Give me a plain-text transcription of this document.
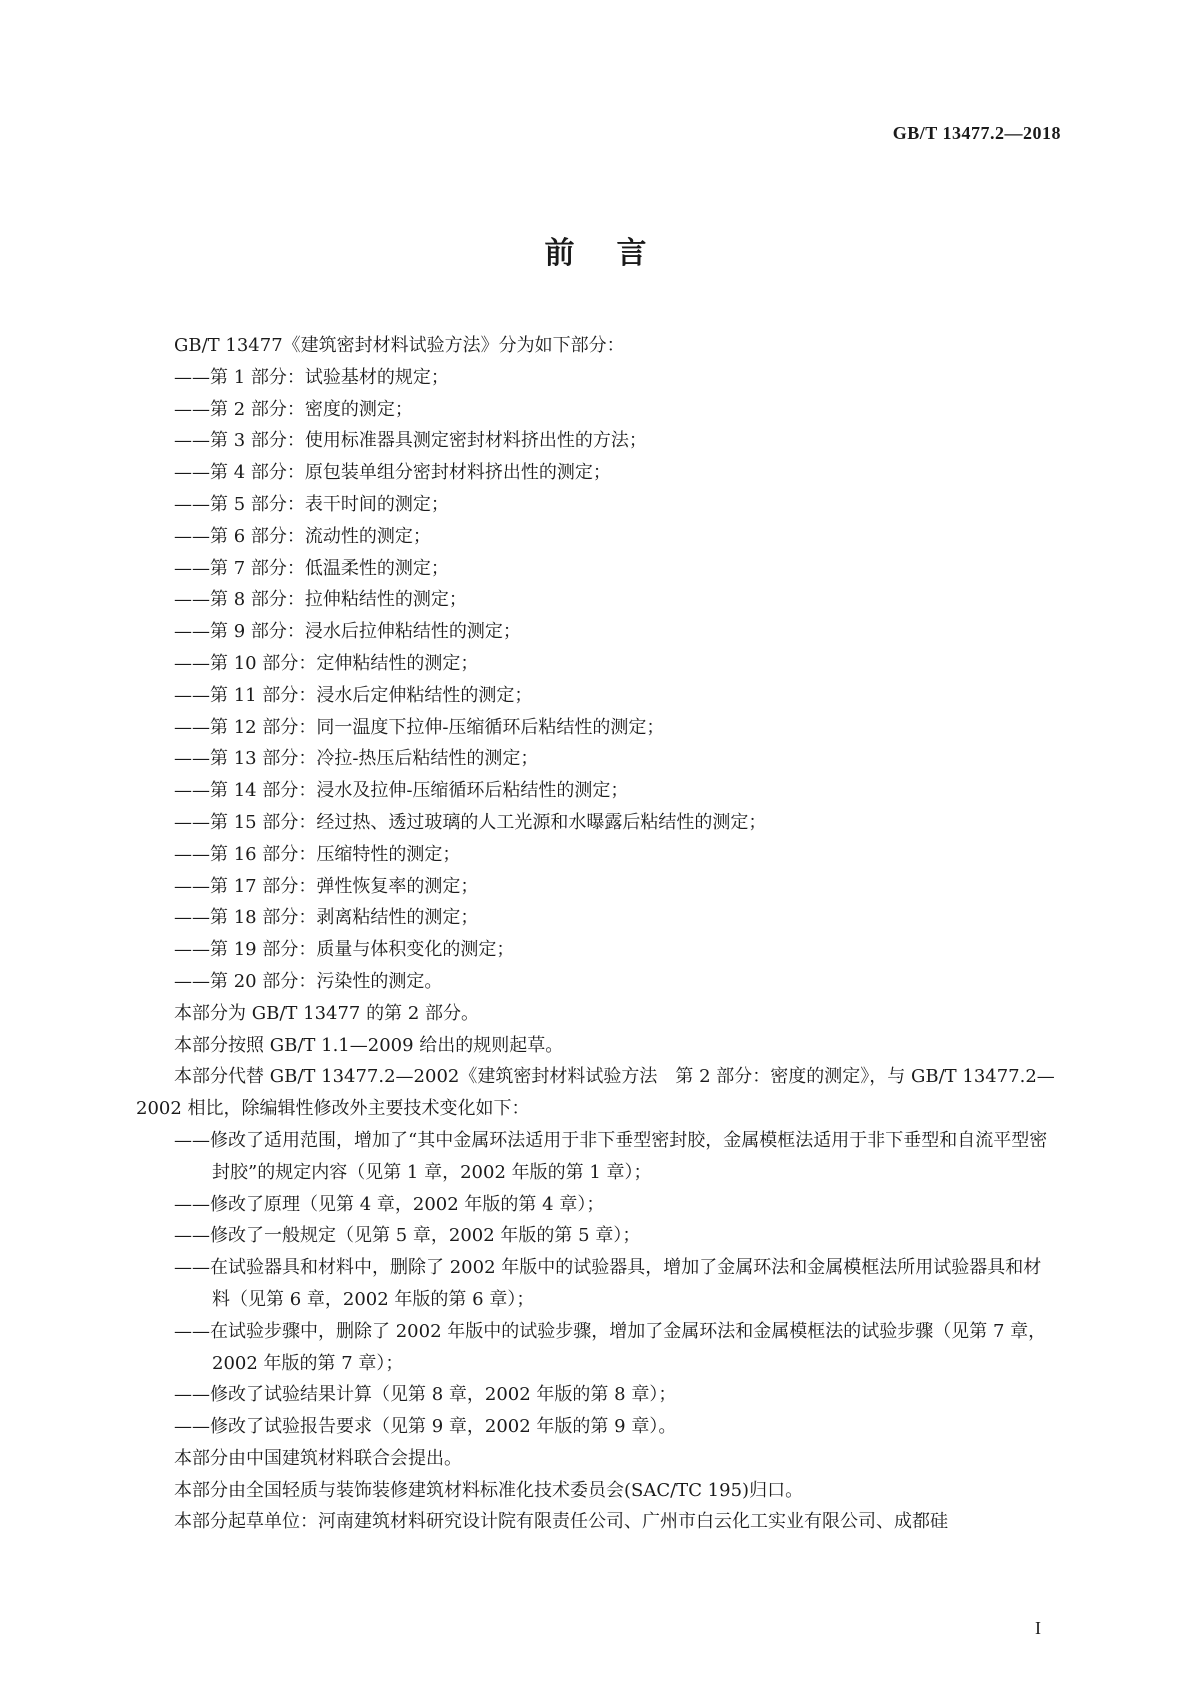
GB/T 13477.2—2018
前 言

GB/T 13477《建筑密封材料试验方法》分为如下部分：

——第 1 部分：试验基材的规定；

——第 2 部分：密度的测定；

——第 3 部分：使用标准器具测定密封材料挤出性的方法；

——第 4 部分：原包装单组分密封材料挤出性的测定；

——第 5 部分：表干时间的测定；

——第 6 部分：流动性的测定；

——第 7 部分：低温柔性的测定；

——第 8 部分：拉伸粘结性的测定；

——第 9 部分：浸水后拉伸粘结性的测定；

——第 10 部分：定伸粘结性的测定；

——第 11 部分：浸水后定伸粘结性的测定；

——第 12 部分：同一温度下拉伸-压缩循环后粘结性的测定；

——第 13 部分：冷拉-热压后粘结性的测定；

——第 14 部分：浸水及拉伸-压缩循环后粘结性的测定；

——第 15 部分：经过热、透过玻璃的人工光源和水曝露后粘结性的测定；

——第 16 部分：压缩特性的测定；

——第 17 部分：弹性恢复率的测定；

——第 18 部分：剥离粘结性的测定；

——第 19 部分：质量与体积变化的测定；

——第 20 部分：污染性的测定。

本部分为 GB/T 13477 的第 2 部分。

本部分按照 GB/T 1.1—2009 给出的规则起草。

本部分代替 GB/T 13477.2—2002《建筑密封材料试验方法　第 2 部分：密度的测定》，与 GB/T 13477.2—2002 相比，除编辑性修改外主要技术变化如下：

——修改了适用范围，增加了“其中金属环法适用于非下垂型密封胶，金属模框法适用于非下垂型和自流平型密封胶”的规定内容（见第 1 章，2002 年版的第 1 章）；

——修改了原理（见第 4 章，2002 年版的第 4 章）；

——修改了一般规定（见第 5 章，2002 年版的第 5 章）；

——在试验器具和材料中，删除了 2002 年版中的试验器具，增加了金属环法和金属模框法所用试验器具和材料（见第 6 章，2002 年版的第 6 章）；

——在试验步骤中，删除了 2002 年版中的试验步骤，增加了金属环法和金属模框法的试验步骤（见第 7 章，2002 年版的第 7 章）；

——修改了试验结果计算（见第 8 章，2002 年版的第 8 章）；

——修改了试验报告要求（见第 9 章，2002 年版的第 9 章）。

本部分由中国建筑材料联合会提出。

本部分由全国轻质与装饰装修建筑材料标准化技术委员会(SAC/TC 195)归口。

本部分起草单位：河南建筑材料研究设计院有限责任公司、广州市白云化工实业有限公司、成都硅

I
